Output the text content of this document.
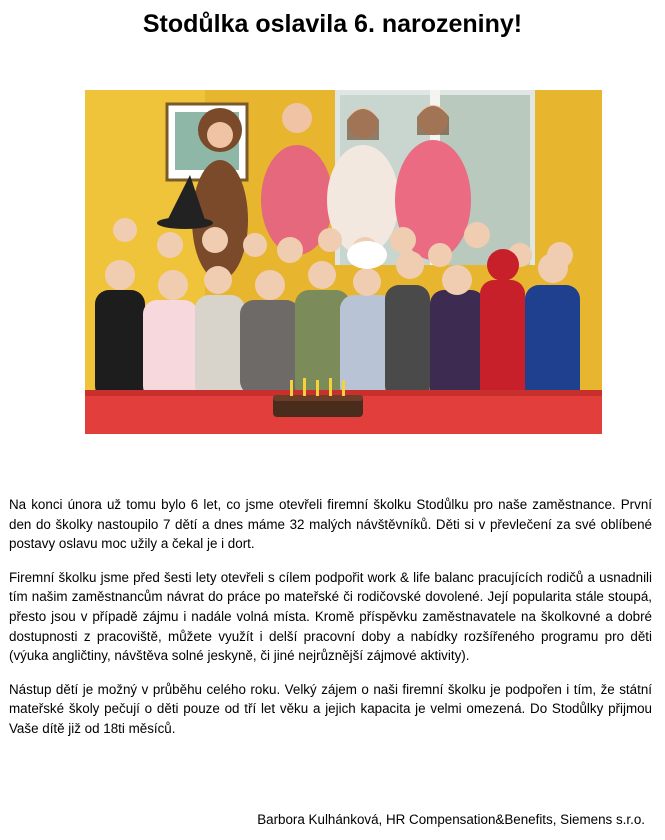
Stodůlka oslavila 6. narozeniny!

Na konci února už tomu bylo 6 let, co jsme otevřeli firemní školku Stodůlku pro naše zaměstnance. První den do školky nastoupilo 7 dětí a dnes máme 32 malých návštěvníků. Děti si v převlečení za své oblíbené postavy oslavu moc užily a čekal je i dort.

Firemní školku jsme před šesti lety otevřeli s cílem podpořit work & life balanc pracujících rodičů a usnadnili tím našim zaměstnancům návrat do práce po mateřské či rodičovské dovolené. Její popularita stále stoupá, přesto jsou v případě zájmu i nadále volná místa. Kromě příspěvku zaměstnavatele na školkovné a dobré dostupnosti z pracoviště, můžete využít i delší pracovní doby a nabídky rozšířeného programu pro děti (výuka angličtiny, návštěva solné jeskyně, či jiné nejrůznější zájmové aktivity).

Nástup dětí je možný v průběhu celého roku. Velký zájem o naši firemní školku je podpořen i tím, že státní mateřské školy pečují o děti pouze od tří let věku a jejich kapacita je velmi omezená. Do Stodůlky přijmou Vaše dítě již od 18ti měsíců.

Barbora Kulhánková, HR Compensation&Benefits, Siemens s.r.o.
